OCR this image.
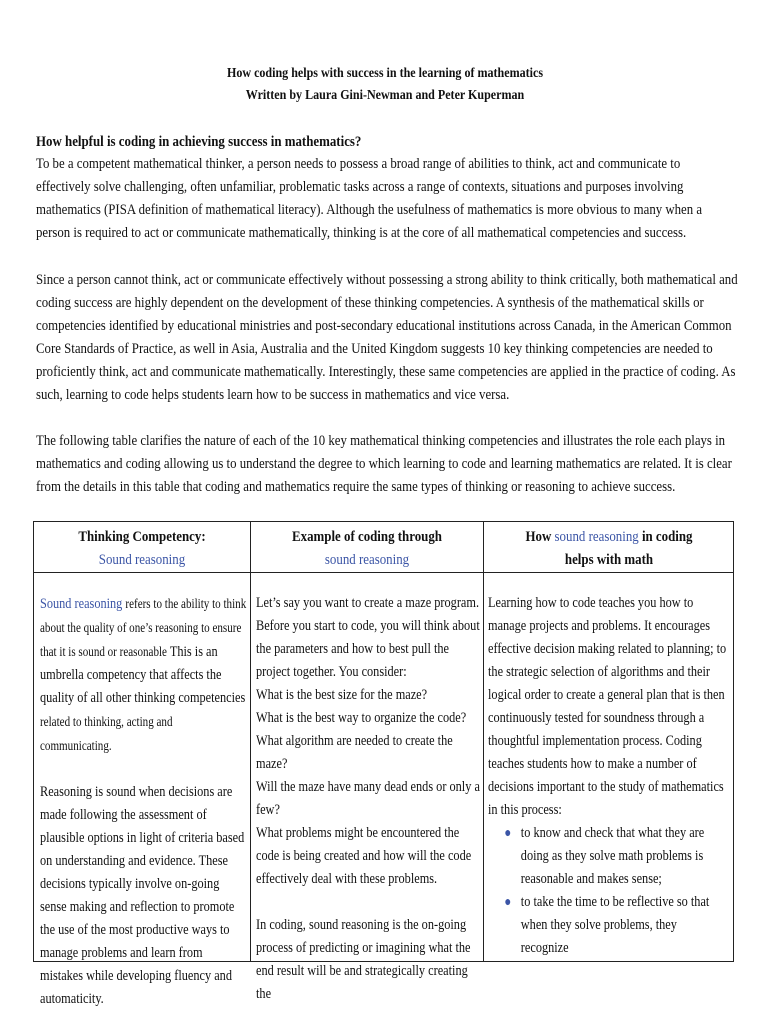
How coding helps with success in the learning of mathematics
Written by Laura Gini-Newman and Peter Kuperman
How helpful is coding in achieving success in mathematics?

To be a competent mathematical thinker, a person needs to possess a broad range of abilities to think, act and communicate to effectively solve challenging, often unfamiliar, problematic tasks across a range of contexts, situations and purposes involving mathematics (PISA definition of mathematical literacy). Although the usefulness of mathematics is more obvious to many when a person is required to act or communicate mathematically, thinking is at the core of all mathematical competencies and success.

Since a person cannot think, act or communicate effectively without possessing a strong ability to think critically, both mathematical and coding success are highly dependent on the development of these thinking competencies. A synthesis of the mathematical skills or competencies identified by educational ministries and post-secondary educational institutions across Canada, in the American Common Core Standards of Practice, as well in Asia, Australia and the United Kingdom suggests 10 key thinking competencies are needed to proficiently think, act and communicate mathematically. Interestingly, these same competencies are applied in the practice of coding. As such, learning to code helps students learn how to be success in mathematics and vice versa.

The following table clarifies the nature of each of the 10 key mathematical thinking competencies and illustrates the role each plays in mathematics and coding allowing us to understand the degree to which learning to code and learning mathematics are related. It is clear from the details in this table that coding and mathematics require the same types of thinking or reasoning to achieve success.

Thinking Competency:
Sound reasoning
Example of coding through
sound reasoning
How sound reasoning in coding
helps with math

Sound reasoning refers to the ability to think about the quality of one’s reasoning to ensure that it is sound or reasonable This is an umbrella competency that affects the quality of all other thinking competencies related to thinking, acting and communicating.

Reasoning is sound when decisions are made following the assessment of plausible options in light of criteria based on understanding and evidence. These decisions typically involve on-going sense making and reflection to promote the use of the most productive ways to manage problems and learn from mistakes while developing fluency and automaticity.

Let’s say you want to create a maze program. Before you start to code, you will think about the parameters and how to best pull the project together. You consider:

What is the best size for the maze?

What is the best way to organize the code?

What algorithm are needed to create the maze?

Will the maze have many dead ends or only a few?

What problems might be encountered the code is being created and how will the code effectively deal with these problems.

In coding, sound reasoning is the on-going process of predicting or imagining what the end result will be and strategically creating the

Learning how to code teaches you how to manage projects and problems. It encourages effective decision making related to planning; to the strategic selection of algorithms and their logical order to create a general plan that is then continuously tested for soundness through a thoughtful implementation process. Coding teaches students how to make a number of decisions important to the study of mathematics in this process:

● to know and check that what they are doing as they solve math problems is reasonable and makes sense;

● to take the time to be reflective so that when they solve problems, they recognize
